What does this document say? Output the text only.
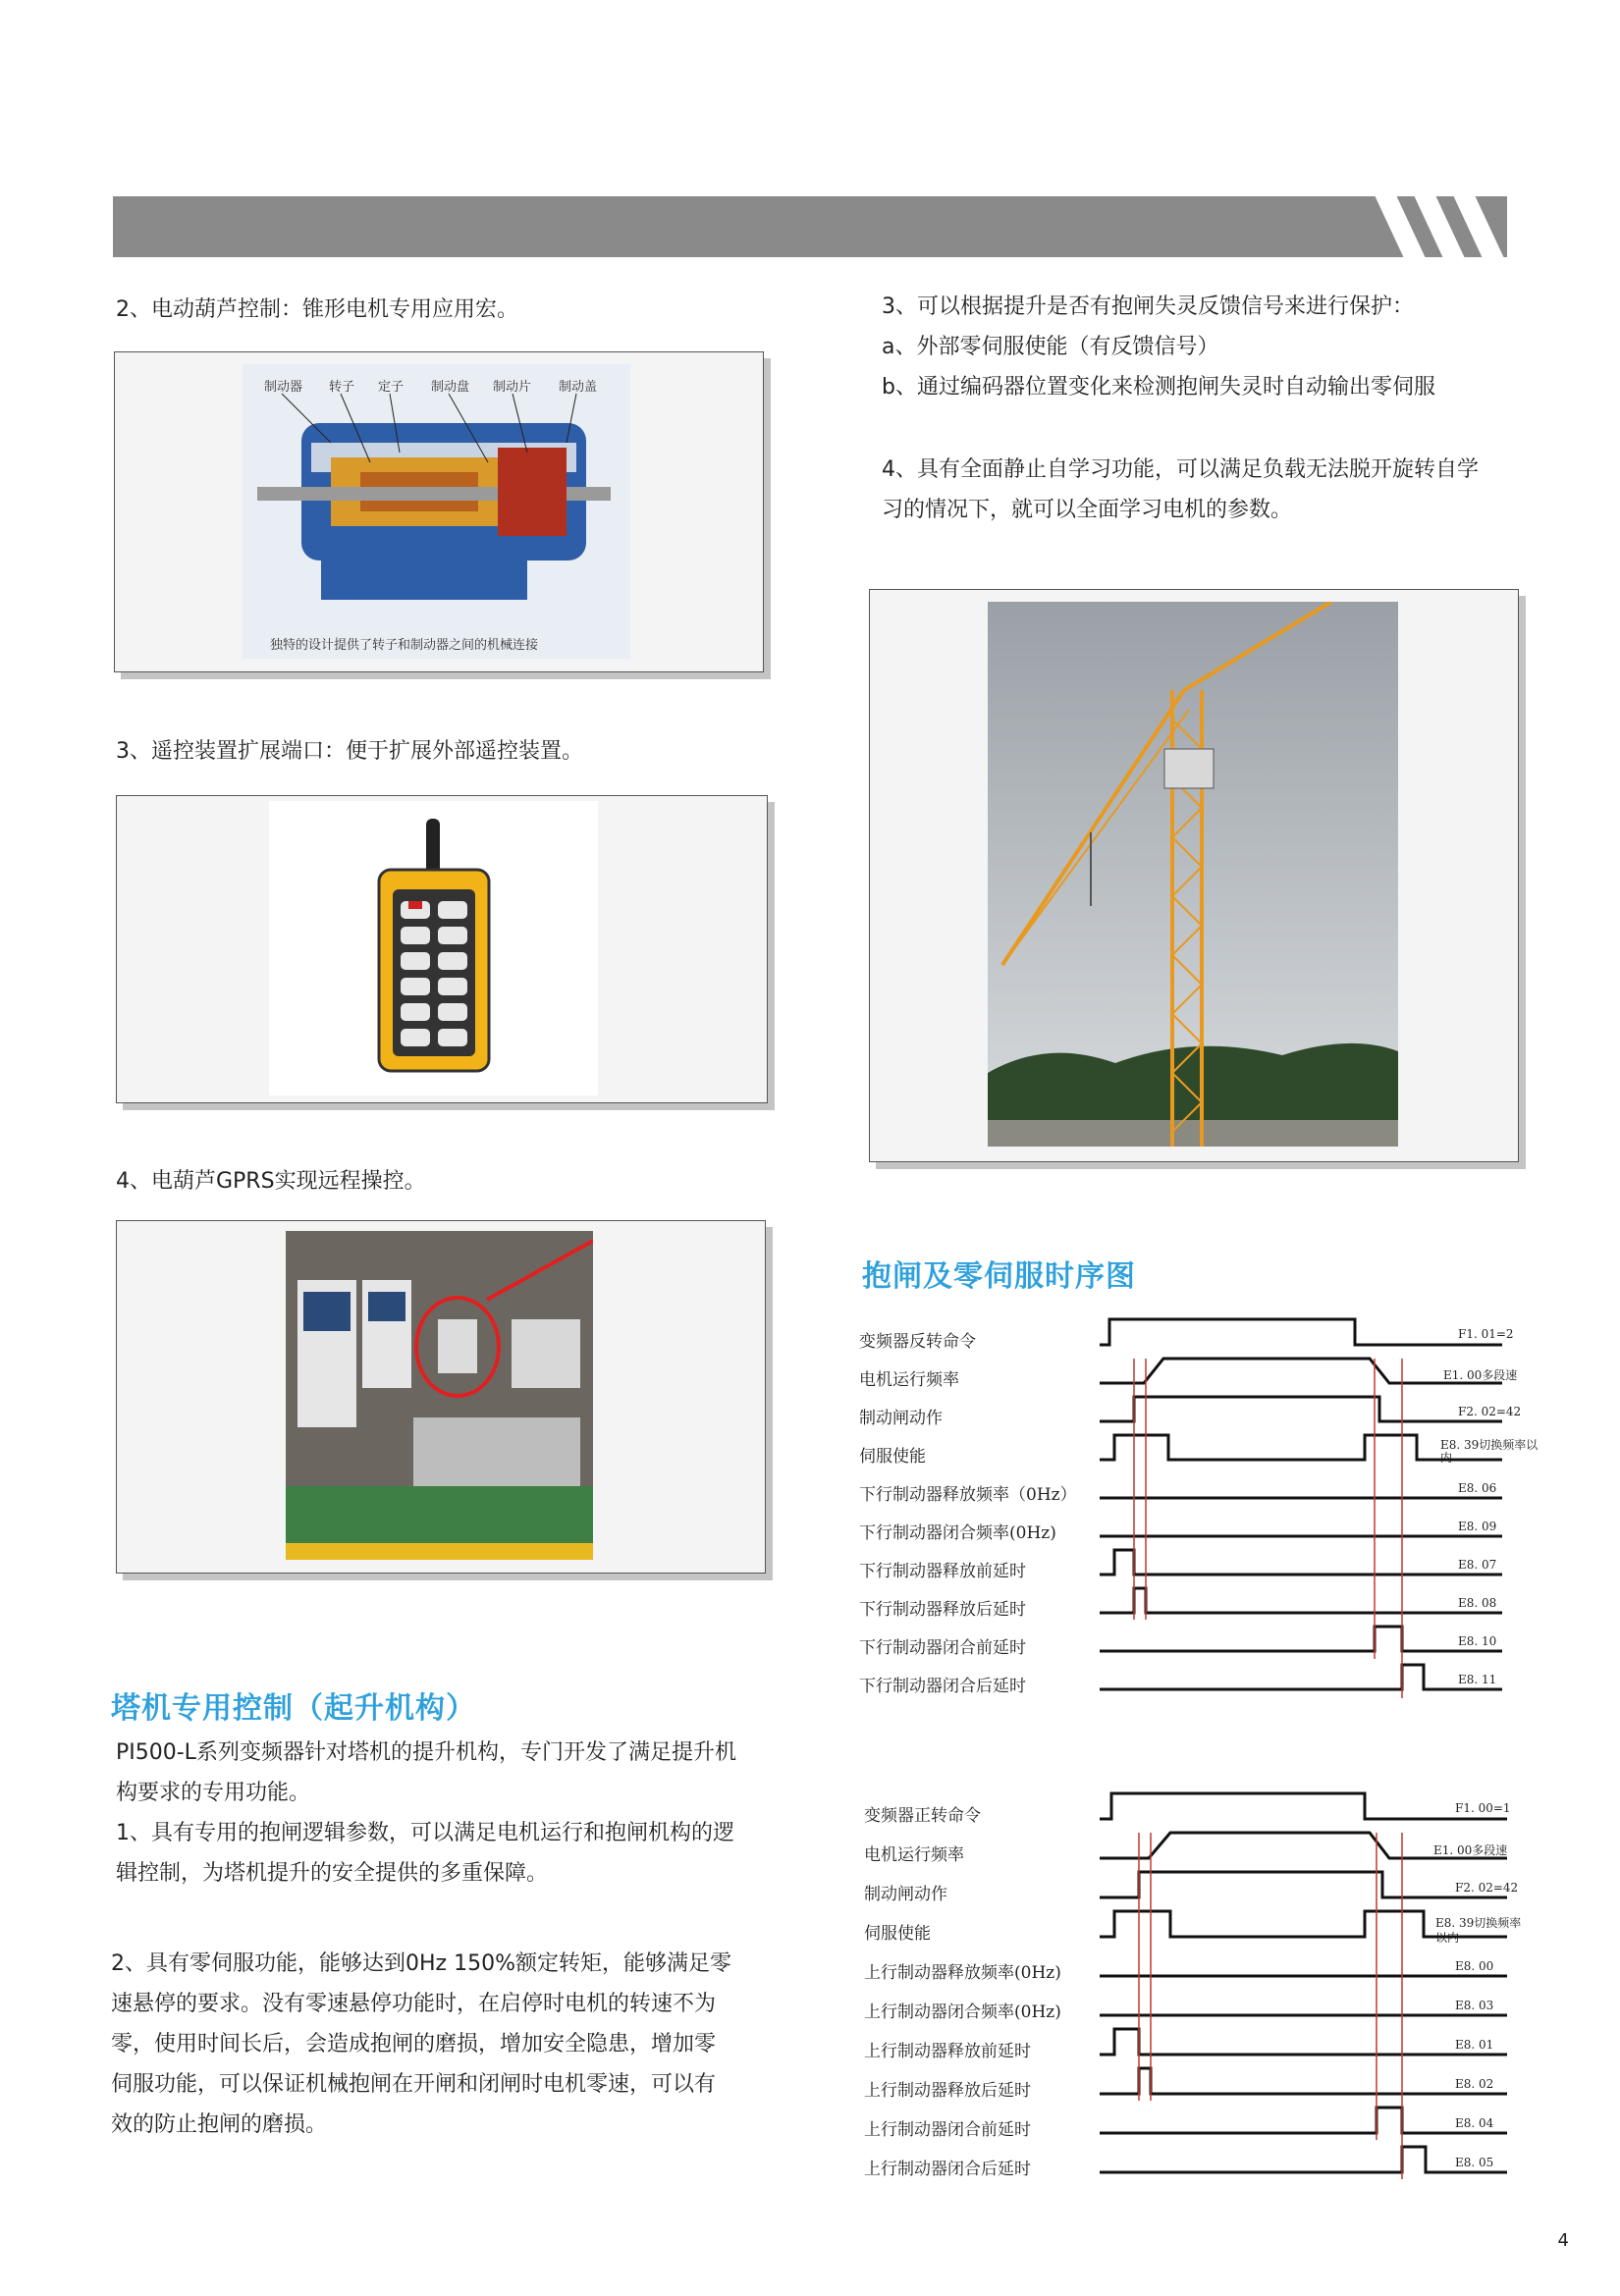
2、电动葫芦控制：锥形电机专用应用宏。
制动器 转子 定子 制动盘 制动片 制动盖
独特的设计提供了转子和制动器之间的机械连接
3、遥控装置扩展端口：便于扩展外部遥控装置。
4、电葫芦GPRS实现远程操控。
塔机专用控制（起升机构）
PI500-L系列变频器针对塔机的提升机构，专门开发了满足提升机
构要求的专用功能。
1、具有专用的抱闸逻辑参数，可以满足电机运行和抱闸机构的逻
辑控制，为塔机提升的安全提供的多重保障。
2、具有零伺服功能，能够达到0Hz 150%额定转矩，能够满足零
速悬停的要求。没有零速悬停功能时，在启停时电机的转速不为
零，使用时间长后，会造成抱闸的磨损，增加安全隐患，增加零
伺服功能，可以保证机械抱闸在开闸和闭闸时电机零速，可以有
效的防止抱闸的磨损。
3、可以根据提升是否有抱闸失灵反馈信号来进行保护：
a、外部零伺服使能（有反馈信号）
b、通过编码器位置变化来检测抱闸失灵时自动输出零伺服
4、具有全面静止自学习功能，可以满足负载无法脱开旋转自学
习的情况下，就可以全面学习电机的参数。
抱闸及零伺服时序图
变频器反转命令
电机运行频率
制动闸动作
伺服使能
下行制动器释放频率（0Hz）
下行制动器闭合频率(0Hz)
下行制动器释放前延时
下行制动器释放后延时
下行制动器闭合前延时
下行制动器闭合后延时
F1. 01=2
E1. 00多段速
F2. 02=42
E8. 39切换频率以内
E8. 06
E8. 09
E8. 07
E8. 08
E8. 10
E8. 11
变频器正转命令
电机运行频率
制动闸动作
伺服使能
上行制动器释放频率(0Hz)
上行制动器闭合频率(0Hz)
上行制动器释放前延时
上行制动器释放后延时
上行制动器闭合前延时
上行制动器闭合后延时
F1. 00=1
E1. 00多段速
F2. 02=42
E8. 39切换频率以内
E8. 00
E8. 03
E8. 01
E8. 02
E8. 04
E8. 05
4
